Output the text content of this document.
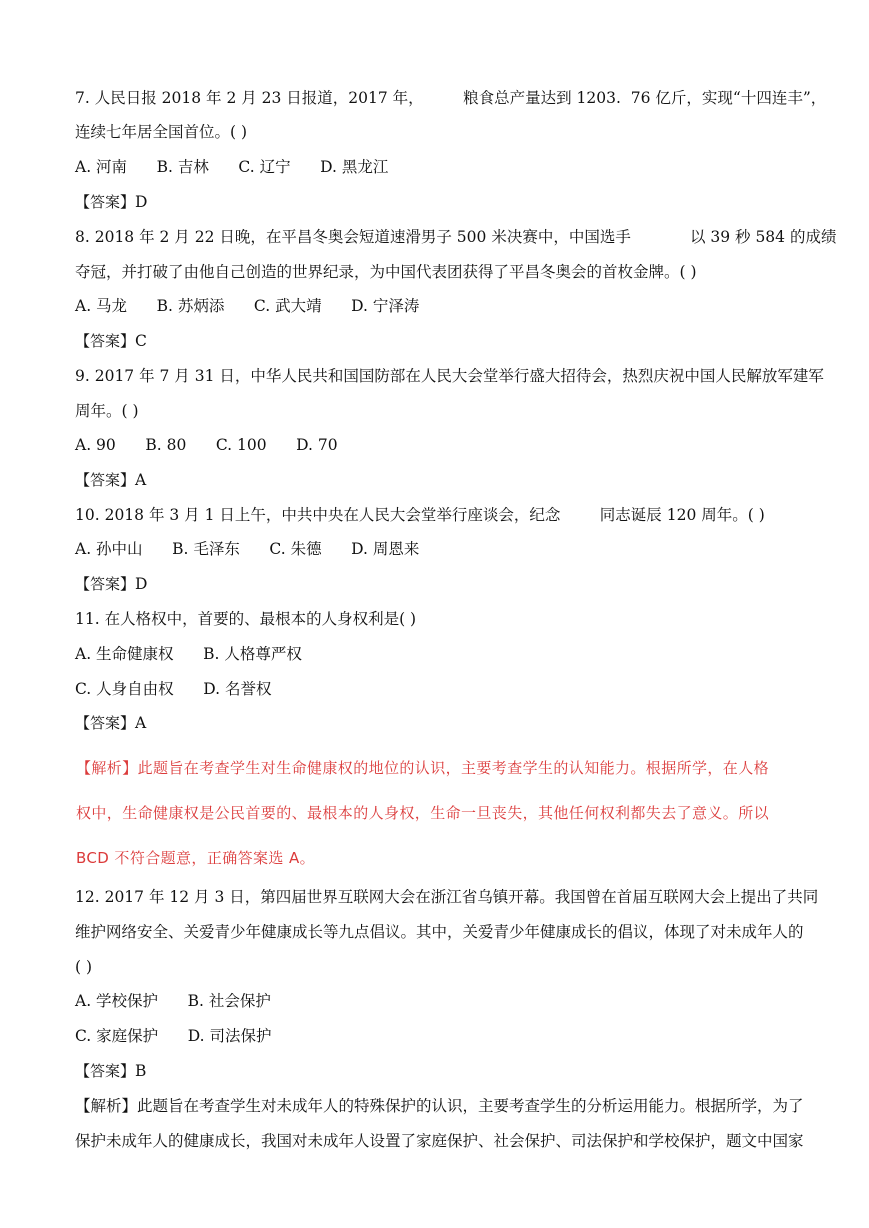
7. 人民日报 2018 年 2 月 23 日报道，2017 年，        粮食总产量达到 1203.  76 亿斤，实现“十四连丰”，
连续七年居全国首位。( )
A. 河南      B. 吉林      C. 辽宁      D. 黑龙江
【答案】D
8. 2018 年 2 月 22 日晚，在平昌冬奥会短道速滑男子 500 米决赛中，中国选手            以 39 秒 584 的成绩
夺冠，并打破了由他自己创造的世界纪录，为中国代表团获得了平昌冬奥会的首枚金牌。( )
A. 马龙      B. 苏炳添      C. 武大靖      D. 宁泽涛
【答案】C
9. 2017 年 7 月 31 日，中华人民共和国国防部在人民大会堂举行盛大招待会，热烈庆祝中国人民解放军建军
周年。( )
A. 90      B. 80      C. 100      D. 70
【答案】A
10. 2018 年 3 月 1 日上午，中共中央在人民大会堂举行座谈会，纪念        同志诞辰 120 周年。( )
A. 孙中山      B. 毛泽东      C. 朱德      D. 周恩来
【答案】D
11. 在人格权中，首要的、最根本的人身权利是( )
A. 生命健康权      B. 人格尊严权
C. 人身自由权      D. 名誉权
【答案】A
【解析】此题旨在考查学生对生命健康权的地位的认识，主要考查学生的认知能力。根据所学，在人格
权中，生命健康权是公民首要的、最根本的人身权，生命一旦丧失，其他任何权利都失去了意义。所以
BCD 不符合题意，正确答案选 A。
12. 2017 年 12 月 3 日，第四届世界互联网大会在浙江省乌镇开幕。我国曾在首届互联网大会上提出了共同
维护网络安全、关爱青少年健康成长等九点倡议。其中，关爱青少年健康成长的倡议，体现了对未成年人的
( )
A. 学校保护      B. 社会保护
C. 家庭保护      D. 司法保护
【答案】B
【解析】此题旨在考查学生对未成年人的特殊保护的认识，主要考查学生的分析运用能力。根据所学，为了
保护未成年人的健康成长，我国对未成年人设置了家庭保护、社会保护、司法保护和学校保护，题文中国家
